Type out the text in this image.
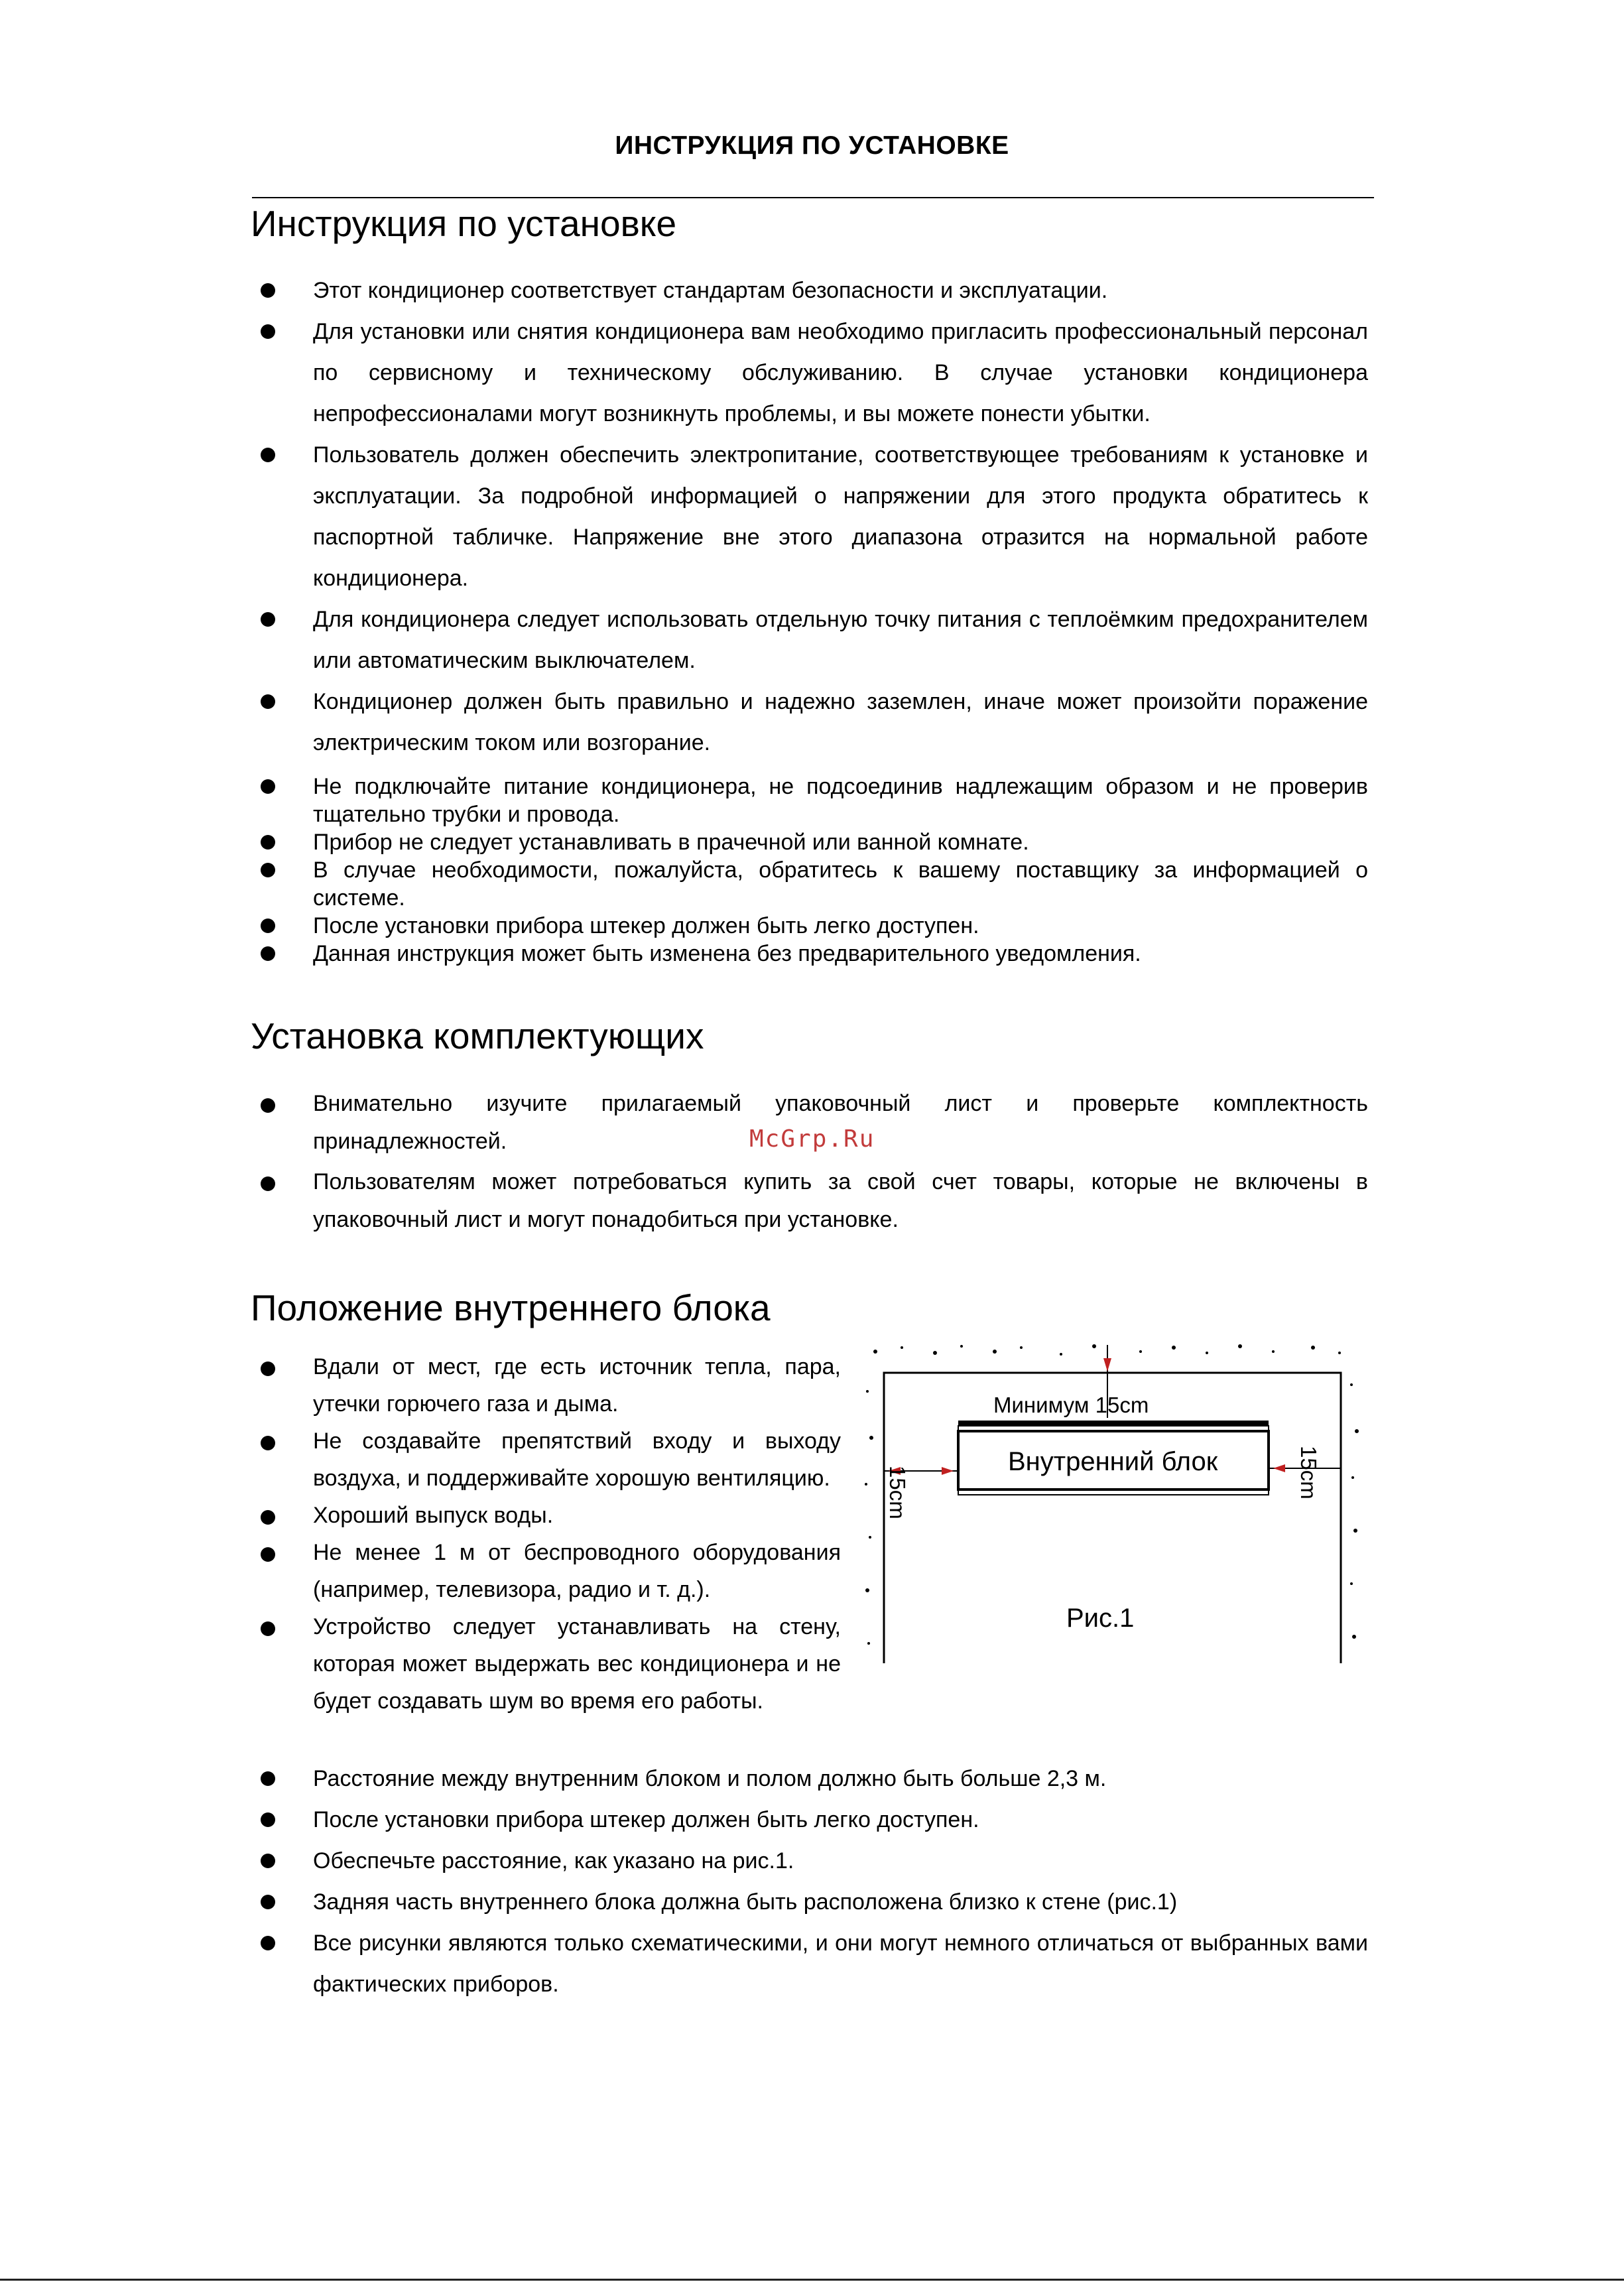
ИНСТРУКЦИЯ ПО УСТАНОВКЕ
Инструкция по установке
Этот кондиционер соответствует стандартам безопасности и эксплуатации.
Для установки или снятия кондиционера вам необходимо пригласить профессиональный персонал по сервисному и техническому обслуживанию. В случае установки кондиционера непрофессионалами могут возникнуть проблемы, и вы можете понести убытки.
Пользователь должен обеспечить электропитание, соответствующее требованиям к установке и эксплуатации. За подробной информацией о напряжении для этого продукта обратитесь к паспортной табличке. Напряжение вне этого диапазона отразится на нормальной работе кондиционера.
Для кондиционера следует использовать отдельную точку питания с теплоёмким предохранителем или автоматическим выключателем.
Кондиционер должен быть правильно и надежно заземлен, иначе может произойти поражение электрическим током или возгорание.
Не подключайте питание кондиционера, не подсоединив надлежащим образом и не проверив тщательно трубки и провода.
Прибор не следует устанавливать в прачечной или ванной комнате.
В случае необходимости, пожалуйста, обратитесь к вашему поставщику за информацией о системе.
После установки прибора штекер должен быть легко доступен.
Данная инструкция может быть изменена без предварительного уведомления.
Установка комплектующих
Внимательно изучите прилагаемый упаковочный лист и проверьте комплектность принадлежностей.
Пользователям может потребоваться купить за свой счет товары, которые не включены в упаковочный лист и могут понадобиться при установке.
McGrp.Ru
Положение внутреннего блока
Вдали от мест, где есть источник тепла, пара, утечки горючего газа и дыма.
Не создавайте препятствий входу и выходу воздуха, и поддерживайте хорошую вентиляцию.
Хороший выпуск воды.
Не менее 1 м от беспроводного оборудования (например, телевизора, радио и т. д.).
Устройство следует устанавливать на стену, которая может выдержать вес кондиционера и не будет создавать шум во время его работы.
Расстояние между внутренним блоком и полом должно быть больше 2,3 м.
После установки прибора штекер должен быть легко доступен.
Обеспечьте расстояние, как указано на рис.1.
Задняя часть внутреннего блока должна быть расположена близко к стене (рис.1)
Все рисунки являются только схематическими, и они могут немного отличаться от выбранных вами фактических приборов.
Минимум 15cm
Внутренний блок
15cm	15cm
Рис.1
